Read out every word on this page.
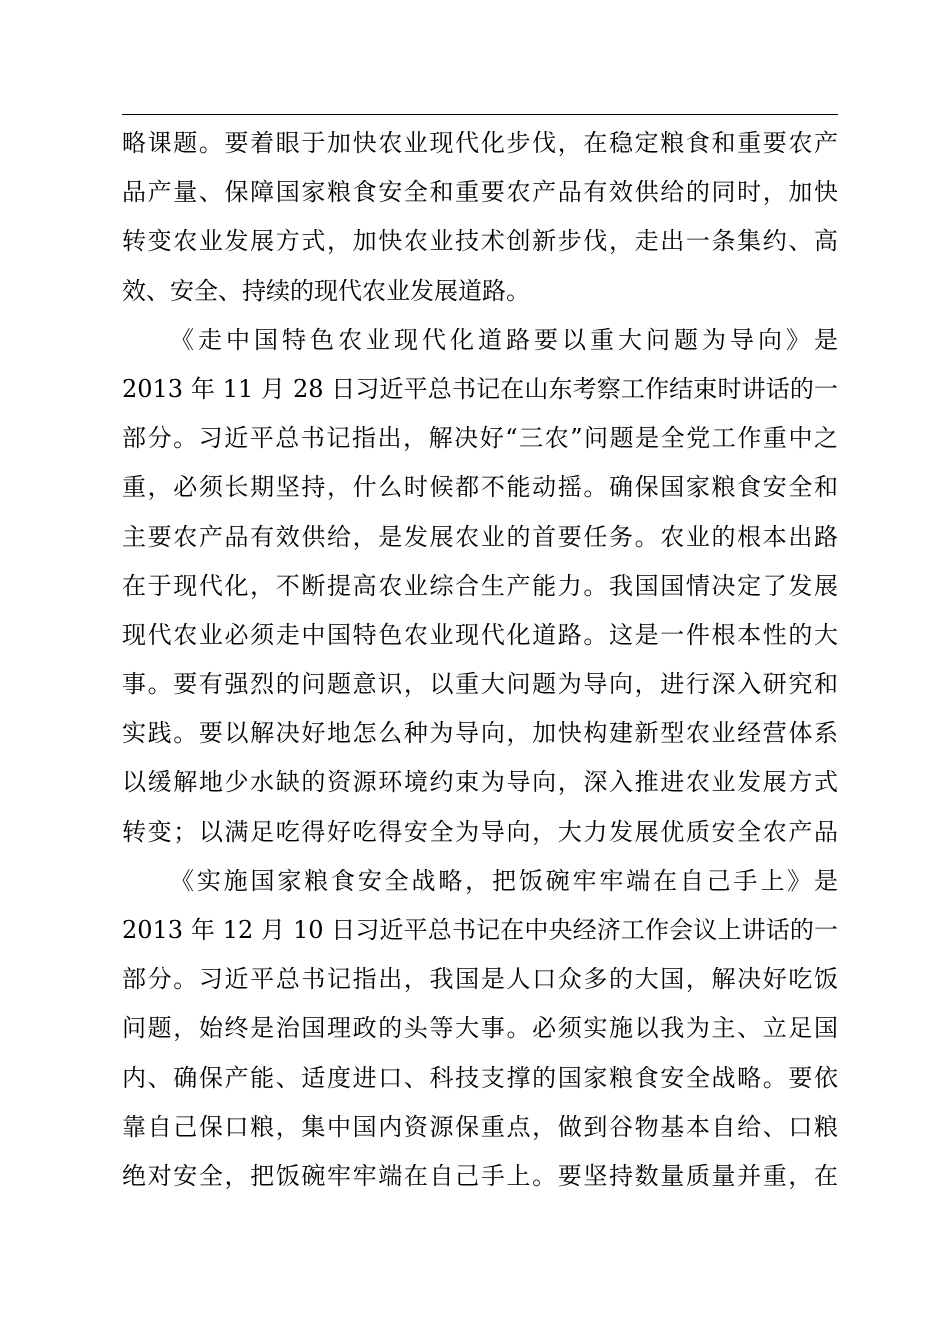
略课题。要着眼于加快农业现代化步伐，在稳定粮食和重要农产
品产量、保障国家粮食安全和重要农产品有效供给的同时，加快
转变农业发展方式，加快农业技术创新步伐，走出一条集约、高
效、安全、持续的现代农业发展道路。
《走中国特色农业现代化道路要以重大问题为导向》是
2013 年 11 月 28 日习近平总书记在山东考察工作结束时讲话的一
部分。习近平总书记指出，解决好“三农”问题是全党工作重中之
重，必须长期坚持，什么时候都不能动摇。确保国家粮食安全和
主要农产品有效供给，是发展农业的首要任务。农业的根本出路
在于现代化，不断提高农业综合生产能力。我国国情决定了发展
现代农业必须走中国特色农业现代化道路。这是一件根本性的大
事。要有强烈的问题意识，以重大问题为导向，进行深入研究和
实践。要以解决好地怎么种为导向，加快构建新型农业经营体系
以缓解地少水缺的资源环境约束为导向，深入推进农业发展方式
转变；以满足吃得好吃得安全为导向，大力发展优质安全农产品
《实施国家粮食安全战略，把饭碗牢牢端在自己手上》是
2013 年 12 月 10 日习近平总书记在中央经济工作会议上讲话的一
部分。习近平总书记指出，我国是人口众多的大国，解决好吃饭
问题，始终是治国理政的头等大事。必须实施以我为主、立足国
内、确保产能、适度进口、科技支撑的国家粮食安全战略。要依
靠自己保口粮，集中国内资源保重点，做到谷物基本自给、口粮
绝对安全，把饭碗牢牢端在自己手上。要坚持数量质量并重，在
